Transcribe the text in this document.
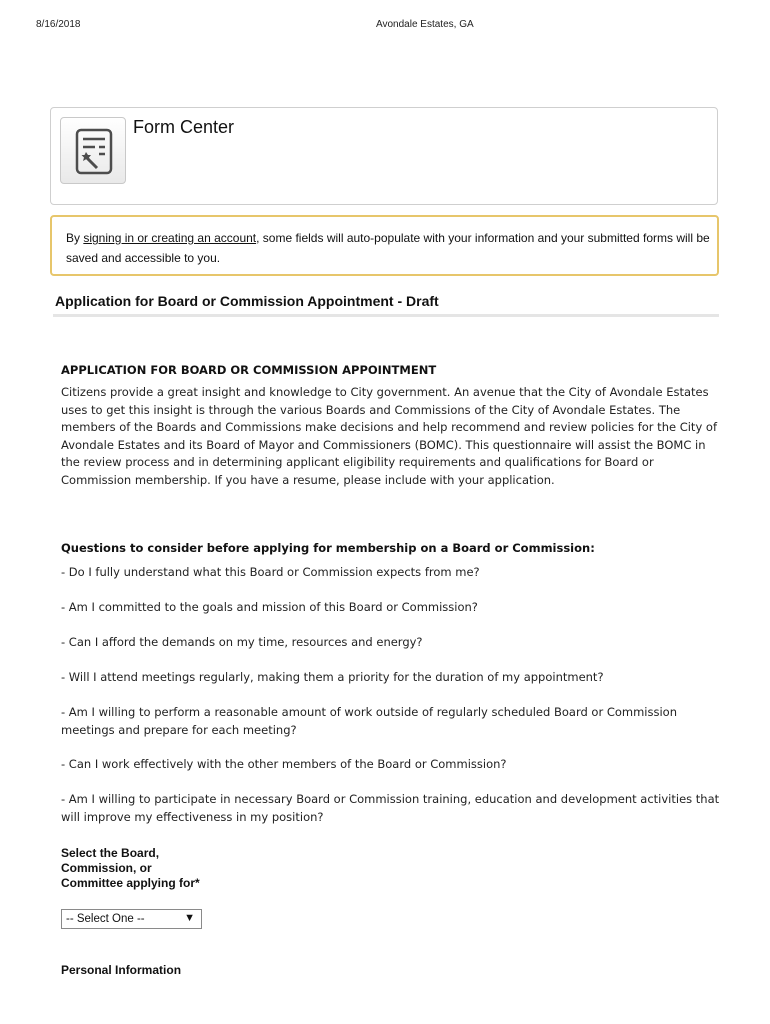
8/16/2018	Avondale Estates, GA
Form Center
By signing in or creating an account, some fields will auto-populate with your information and your submitted forms will be saved and accessible to you.
Application for Board or Commission Appointment - Draft
APPLICATION FOR BOARD OR COMMISSION APPOINTMENT

Citizens provide a great insight and knowledge to City government. An avenue that the City of Avondale Estates uses to get this insight is through the various Boards and Commissions of the City of Avondale Estates. The members of the Boards and Commissions make decisions and help recommend and review policies for the City of Avondale Estates and its Board of Mayor and Commissioners (BOMC). This questionnaire will assist the BOMC in the review process and in determining applicant eligibility requirements and qualifications for Board or Commission membership. If you have a resume, please include with your application.

Questions to consider before applying for membership on a Board or Commission:

- Do I fully understand what this Board or Commission expects from me?

- Am I committed to the goals and mission of this Board or Commission?

- Can I afford the demands on my time, resources and energy?

- Will I attend meetings regularly, making them a priority for the duration of my appointment?

- Am I willing to perform a reasonable amount of work outside of regularly scheduled Board or Commission meetings and prepare for each meeting?

- Can I work effectively with the other members of the Board or Commission?

- Am I willing to participate in necessary Board or Commission training, education and development activities that will improve my effectiveness in my position?

Select the Board, Commission, or Committee applying for*
-- Select One --	▼
Personal Information
